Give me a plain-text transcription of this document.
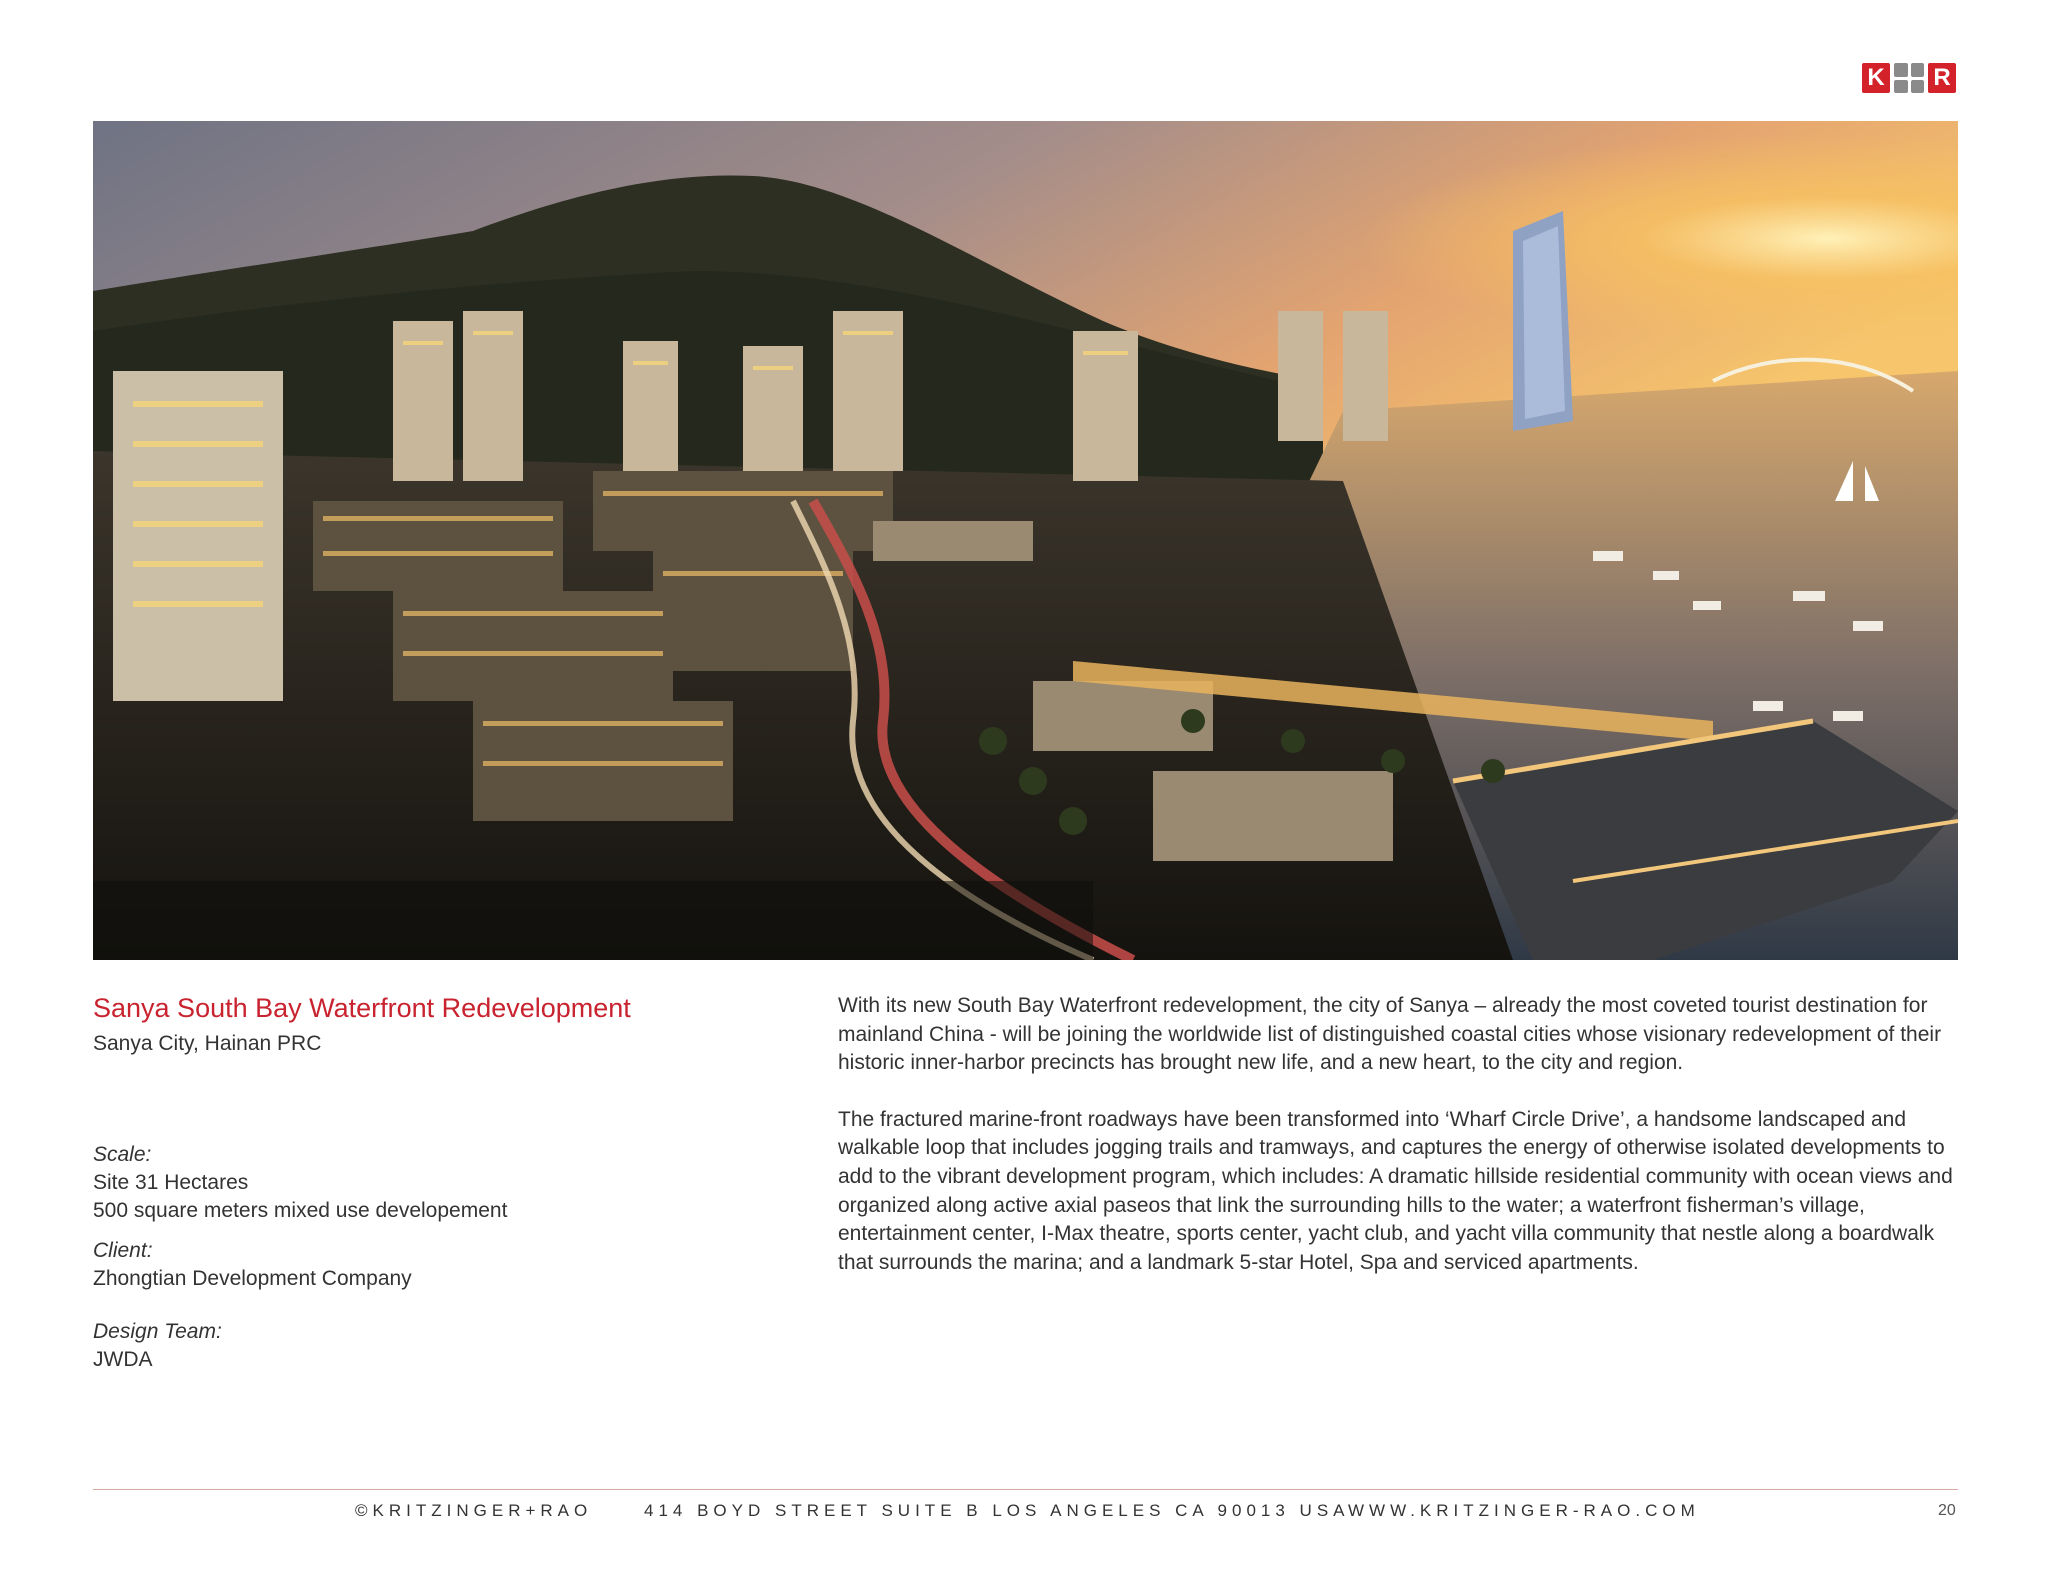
K R
Sanya South Bay Waterfront Redevelopment
Sanya City, Hainan PRC
Scale:
Site 31 Hectares
500 square meters mixed use developement
Client:
Zhongtian Development Company
Design Team:
JWDA

With its new South Bay Waterfront redevelopment, the city of Sanya – already the most coveted tourist destination for mainland China - will be joining the worldwide list of distinguished coastal cities whose visionary redevelopment of their historic inner-harbor precincts has brought new life, and a new heart, to the city and region.

The fractured marine-front roadways have been transformed into ‘Wharf Circle Drive’, a handsome landscaped and walkable loop that includes jogging trails and tramways, and captures the energy of otherwise isolated developments to add to the vibrant development program, which includes: A dramatic hillside residential community with ocean views and organized along active axial paseos that link the surrounding hills to the water; a waterfront fisherman’s village, entertainment center, I-Max theatre, sports center, yacht club, and yacht villa community that nestle along a boardwalk that surrounds the marina; and a landmark 5-star Hotel, Spa and serviced apartments.

©KRITZINGER+RAO	414 BOYD STREET SUITE B LOS ANGELES CA 90013 USA
WWW.KRITZINGER-RAO.COM	20
